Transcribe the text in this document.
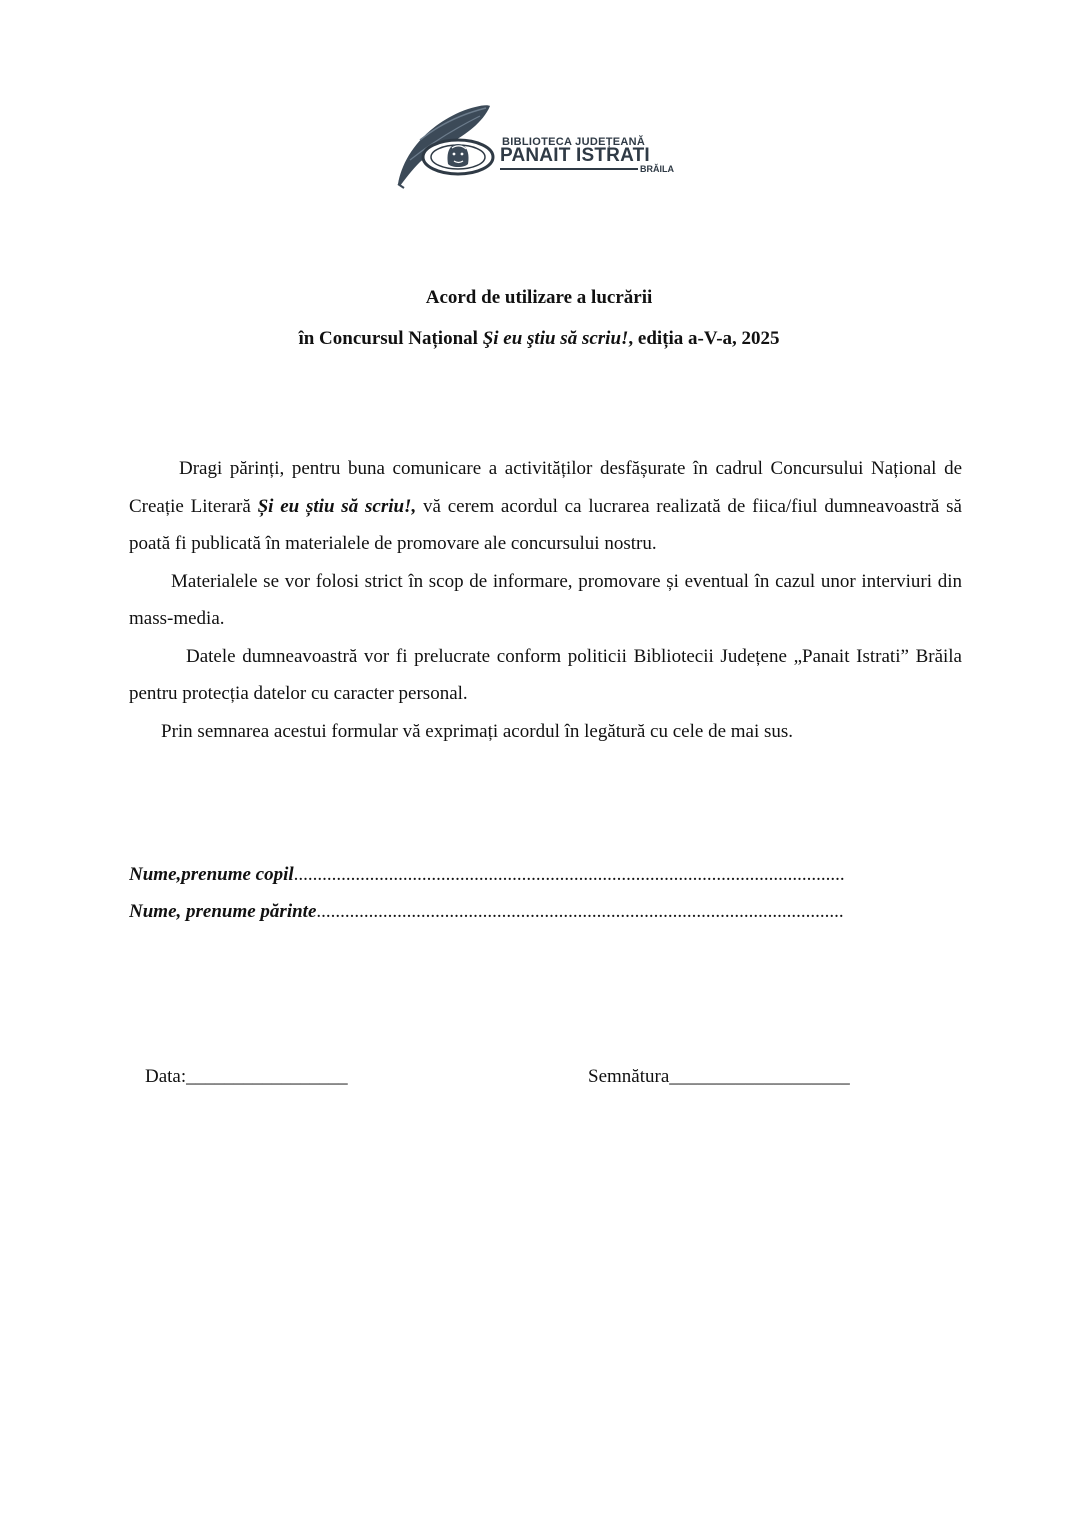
BIBLIOTECA JUDEȚEANĂ
PANAIT ISTRATI
BRĂILA
Acord de utilizare a lucrării
în Concursul Național Şi eu ştiu să scriu!, ediția a-V-a, 2025

Dragi părinți, pentru buna comunicare a activităților desfășurate în cadrul Concursului Național de Creație Literară Și eu știu să scriu!, vă cerem acordul ca lucrarea realizată de fiica/fiul dumneavoastră să poată fi publicată în materialele de promovare ale concursului nostru.

Materialele se vor folosi strict în scop de informare, promovare și eventual în cazul unor interviuri din mass-media.

Datele dumneavoastră vor fi prelucrate conform politicii Bibliotecii Județene „Panait Istrati” Brăila pentru protecția datelor cu caracter personal.

Prin semnarea acestui formular vă exprimați acordul în legătură cu cele de mai sus.

Nume,prenume copil....................................................................................................................
Nume, prenume părinte...............................................................................................................
Data:_________________	Semnătura___________________
